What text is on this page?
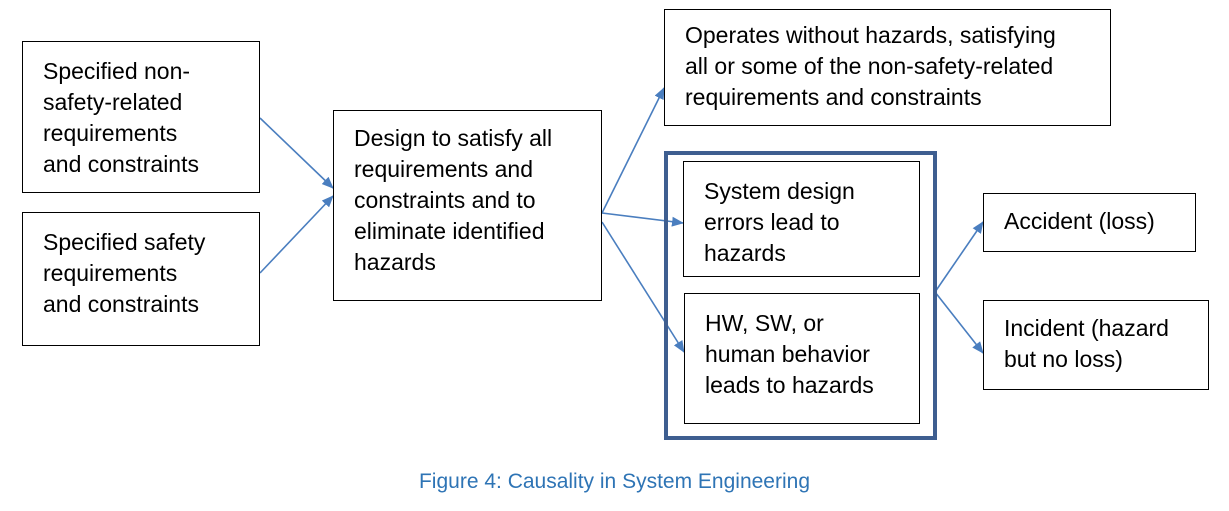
Specified non-
safety-related
requirements
and constraints
Specified safety
requirements
and constraints
Design to satisfy all
requirements and
constraints and to
eliminate identified
hazards
Operates without hazards, satisfying
all or some of the non-safety-related
requirements and constraints
System design
errors lead to
hazards
HW, SW, or
human behavior
leads to hazards
Accident (loss)
Incident (hazard
but no loss)
Figure 4: Causality in System Engineering
